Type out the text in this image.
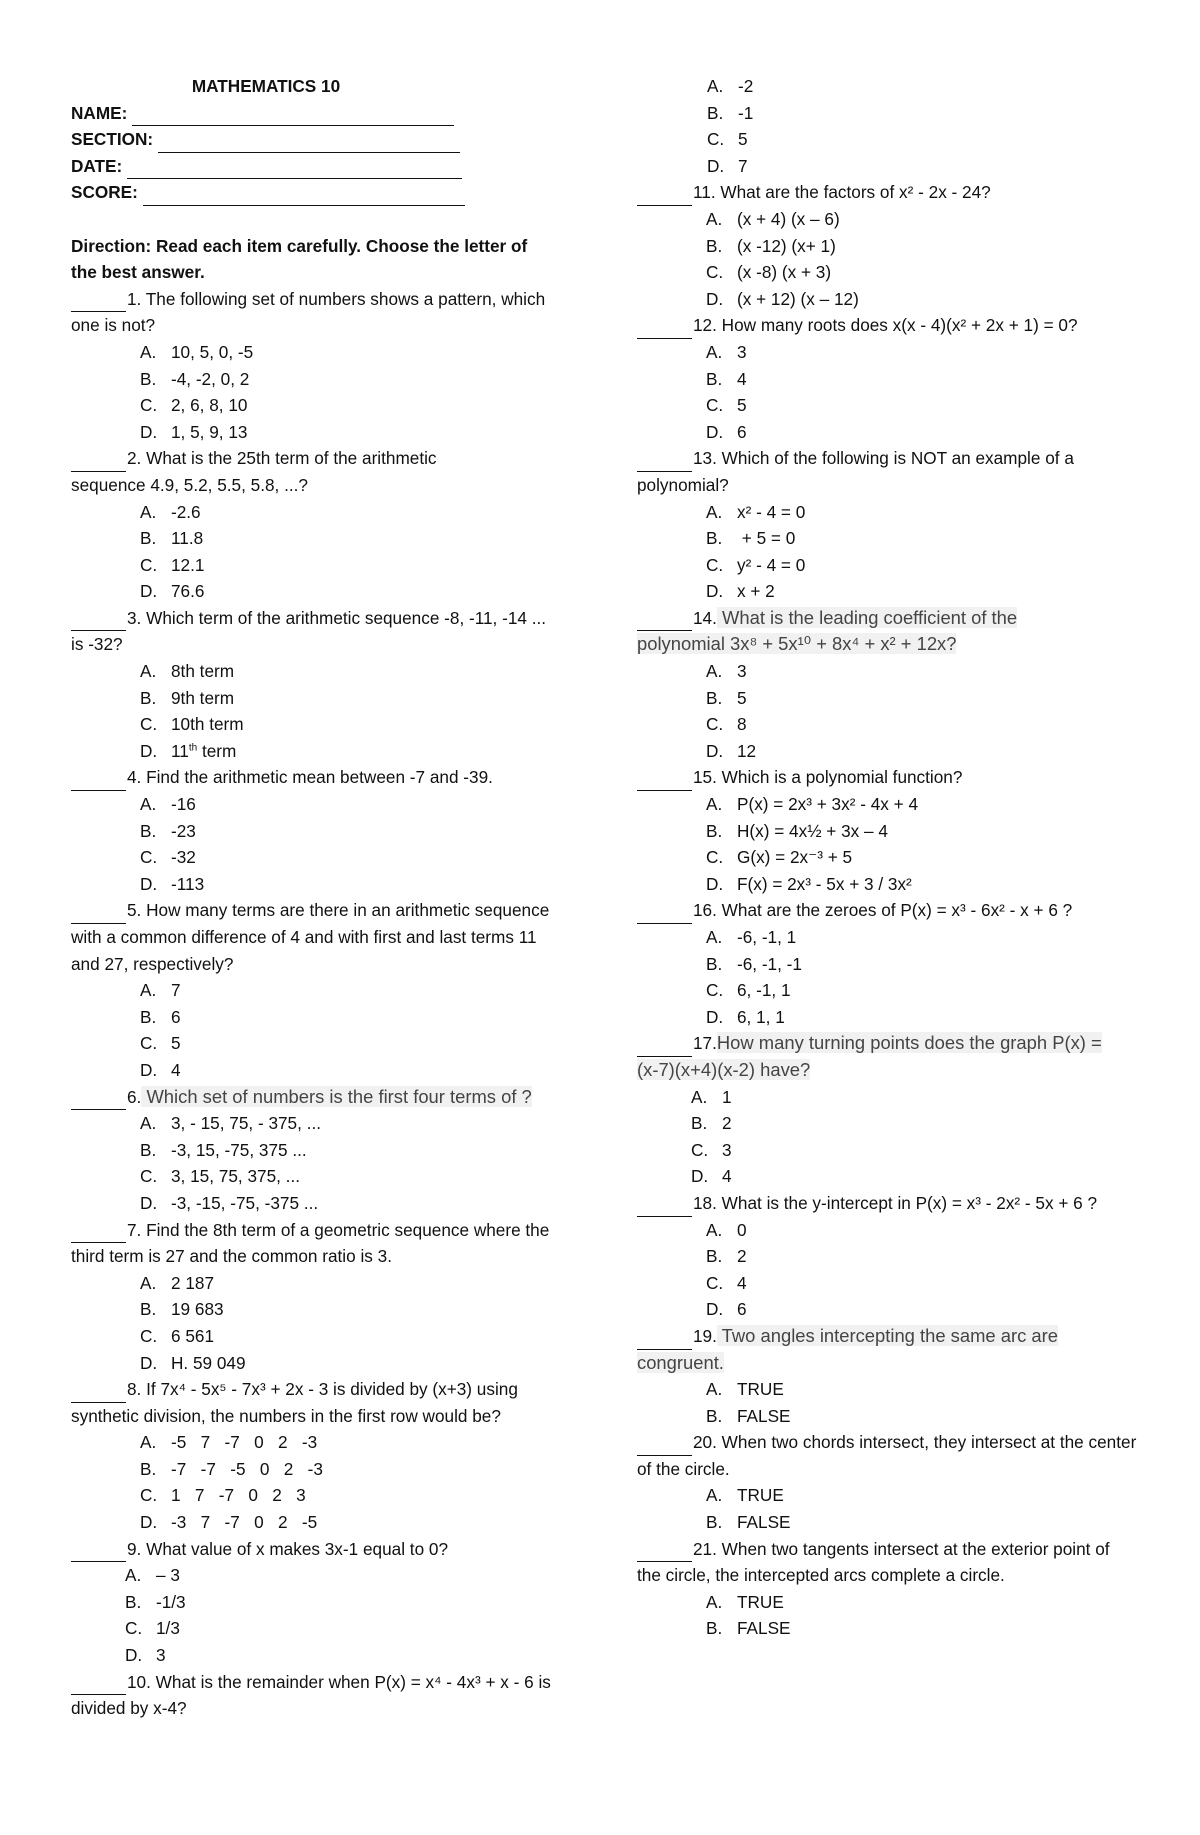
MATHEMATICS 10
NAME:
SECTION:
DATE:
SCORE:
Direction: Read each item carefully. Choose the letter of the best answer.
1. The following set of numbers shows a pattern, which one is not?
A. 10, 5, 0, -5
B. -4, -2, 0, 2
C. 2, 6, 8, 10
D. 1, 5, 9, 13
2. What is the 25th term of the arithmetic sequence 4.9, 5.2, 5.5, 5.8, ...?
A. -2.6
B. 11.8
C. 12.1
D. 76.6
3. Which term of the arithmetic sequence -8, -11, -14 ... is -32?
A. 8th term
B. 9th term
C. 10th term
D. 11th term
4. Find the arithmetic mean between -7 and -39.
A. -16
B. -23
C. -32
D. -113
5. How many terms are there in an arithmetic sequence with a common difference of 4 and with first and last terms 11 and 27, respectively?
A. 7
B. 6
C. 5
D. 4
6. Which set of numbers is the first four terms of ?
A. 3, - 15, 75, - 375, ...
B. -3, 15, -75, 375 ...
C. 3, 15, 75, 375, ...
D. -3, -15, -75, -375 ...
7. Find the 8th term of a geometric sequence where the third term is 27 and the common ratio is 3.
A. 2 187
B. 19 683
C. 6 561
D. H. 59 049
8. If 7x⁴ - 5x⁵ - 7x³ + 2x - 3 is divided by (x+3) using synthetic division, the numbers in the first row would be?
A. -5   7   -7   0   2   -3
B. -7   -7   -5   0   2   -3
C. 1   7   -7   0   2   3
D. -3   7   -7   0   2   -5
9. What value of x makes 3x-1 equal to 0?
A. – 3
B. -1/3
C. 1/3
D. 3
10. What is the remainder when P(x) = x⁴ - 4x³ + x - 6 is divided by x-4?
A. -2
B. -1
C. 5
D. 7
11. What are the factors of x² - 2x - 24?
A. (x + 4) (x – 6)
B. (x -12) (x+ 1)
C. (x -8) (x + 3)
D. (x + 12) (x – 12)
12. How many roots does x(x - 4)(x² + 2x + 1) = 0?
A. 3
B. 4
C. 5
D. 6
13. Which of the following is NOT an example of a polynomial?
A. x² - 4 = 0
B. + 5 = 0
C. y² - 4 = 0
D. x + 2
14. What is the leading coefficient of the polynomial 3x⁸ + 5x¹⁰ + 8x⁴ + x² + 12x?
A. 3
B. 5
C. 8
D. 12
15. Which is a polynomial function?
A. P(x) = 2x³ + 3x² - 4x + 4
B. H(x) = 4x½ + 3x – 4
C. G(x) = 2x⁻³ + 5
D. F(x) = 2x³ - 5x + 3 / 3x²
16. What are the zeroes of P(x) = x³ - 6x² - x + 6 ?
A. -6, -1, 1
B. -6, -1, -1
C. 6, -1, 1
D. 6, 1, 1
17.How many turning points does the graph P(x) = (x-7)(x+4)(x-2) have?
A. 1
B. 2
C. 3
D. 4
18. What is the y-intercept in P(x) = x³ - 2x² - 5x + 6 ?
A. 0
B. 2
C. 4
D. 6
19. Two angles intercepting the same arc are congruent.
A. TRUE
B. FALSE
20. When two chords intersect, they intersect at the center of the circle.
A. TRUE
B. FALSE
21. When two tangents intersect at the exterior point of the circle, the intercepted arcs complete a circle.
A. TRUE
B. FALSE
